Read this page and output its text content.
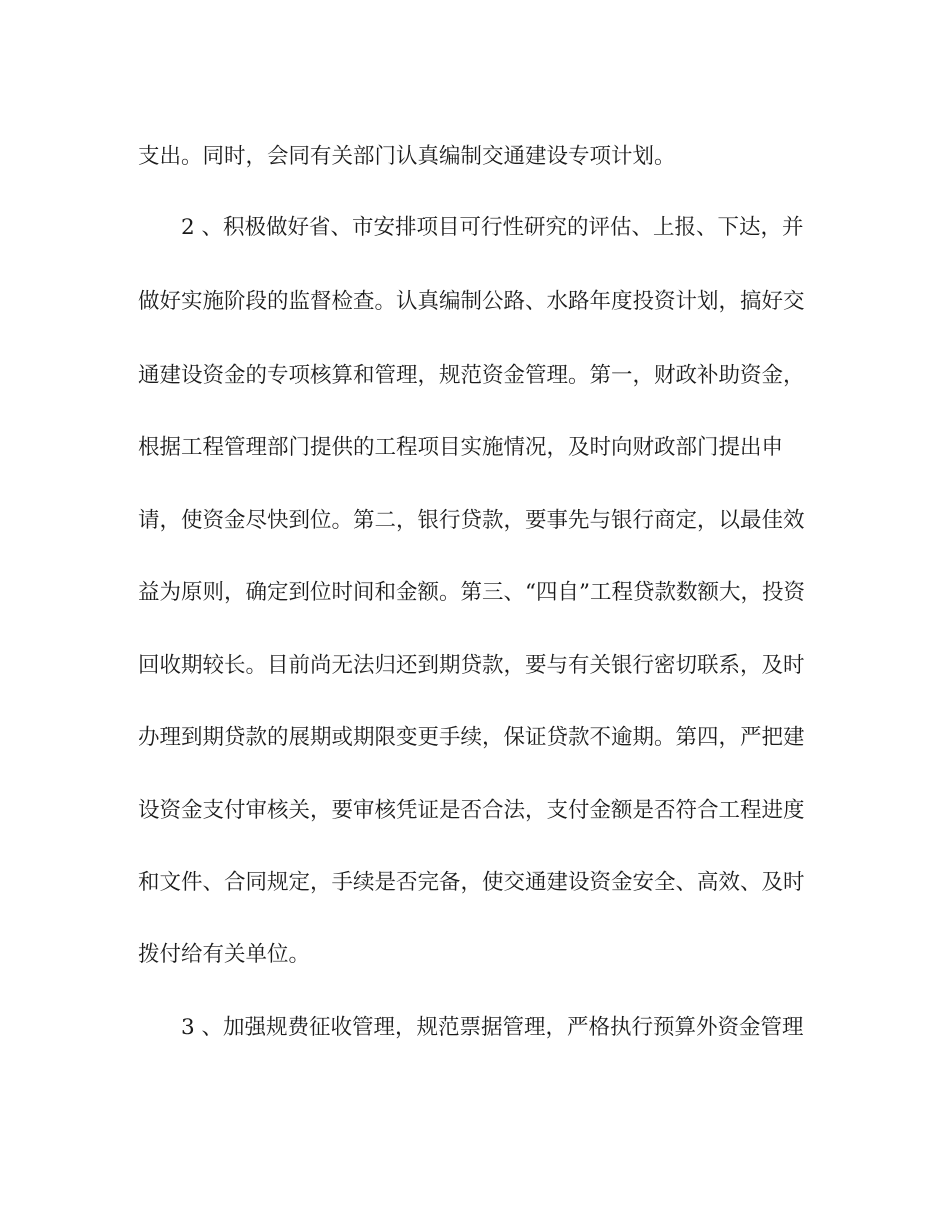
支出。同时，会同有关部门认真编制交通建设专项计划。
2 、积极做好省、市安排项目可行性研究的评估、上报、下达，并
做好实施阶段的监督检查。认真编制公路、水路年度投资计划，搞好交
通建设资金的专项核算和管理，规范资金管理。第一，财政补助资金，
根据工程管理部门提供的工程项目实施情况，及时向财政部门提出申
请，使资金尽快到位。第二，银行贷款，要事先与银行商定，以最佳效
益为原则，确定到位时间和金额。第三、“四自”工程贷款数额大，投资
回收期较长。目前尚无法归还到期贷款，要与有关银行密切联系，及时
办理到期贷款的展期或期限变更手续，保证贷款不逾期。第四，严把建
设资金支付审核关，要审核凭证是否合法，支付金额是否符合工程进度
和文件、合同规定，手续是否完备，使交通建设资金安全、高效、及时
拨付给有关单位。
3 、加强规费征收管理，规范票据管理，严格执行预算外资金管理
